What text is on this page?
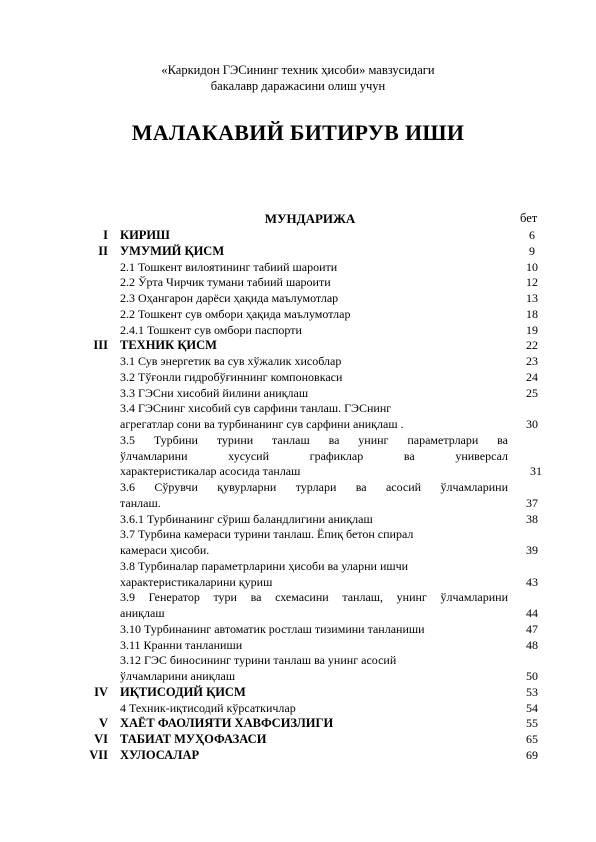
«Каркидон ГЭСининг техник ҳисоби» мавзусидаги
бакалавр даражасини олиш учун
МАЛАКАВИЙ БИТИРУВ ИШИ
МУНДАРИЖА	бет
I КИРИШ	6
II УМУМИЙ ҚИСМ	9
2.1 Тошкент вилоятининг табиий шароити	10
2.2 Ўрта Чирчик тумани табиий шароити	12
2.3 Оҳангарон дарёси ҳақида маълумотлар	13
2.2 Тошкент сув омбори ҳақида маълумотлар	18
2.4.1 Тошкент сув омбори паспорти	19
III ТЕХНИК ҚИСМ	22
3.1 Сув энергетик ва сув хўжалик хисоблар	23
3.2 Тўғонли гидробўғиннинг компоновкаси	24
3.3 ГЭСни хисобий йилини аниқлаш	25
3.4 ГЭСнинг хисобий сув сарфини танлаш. ГЭСнинг
агрегатлар сони ва турбинанинг сув сарфини аниқлаш .	30
3.5 Турбини турини танлаш ва унинг параметрлари ва
ўлчамларини хусусий графиклар ва универсал
характеристикалар асосида танлаш	31
3.6 Сўрувчи қувурларни турлари ва асосий ўлчамларини
танлаш.	37
3.6.1 Турбинанинг сўриш баландлигини аниқлаш	38
3.7 Турбина камераси турини танлаш. Ёпиқ бетон спирал
камераси ҳисоби.	39
3.8 Турбиналар параметрларини ҳисоби ва уларни ишчи
характеристикаларини қуриш	43
3.9 Генератор тури ва схемасини танлаш, унинг ўлчамларини
аниқлаш	44
3.10 Турбинанинг автоматик ростлаш тизимини танланиши	47
3.11 Кранни танланиши	48
3.12 ГЭС биносининг турини танлаш ва унинг асосий
ўлчамларини аниқлаш	50
IV ИҚТИСОДИЙ ҚИСМ	53
4 Техник-иқтисодий кўрсаткичлар	54
V ХАЁТ ФАОЛИЯТИ ХАВФСИЗЛИГИ	55
VI ТАБИАТ МУҲОФАЗАСИ	65
VII ХУЛОСАЛАР	69
